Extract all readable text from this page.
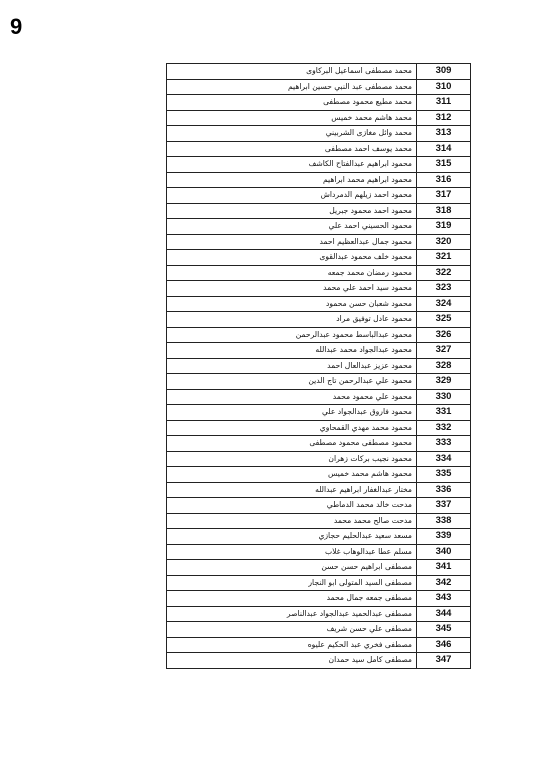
9
محمد مصطفى اسماعيل البركاوى	309
محمد مصطفى عبد النبي حسين ابراهيم	310
محمد مطيع محمود مصطفى	311
محمد هاشم محمد خميس	312
محمد وائل مغازى الشربيني	313
محمد يوسف احمد مصطفى	314
محمود ابراهيم عبدالفتاح الكاشف	315
محمود ابراهيم محمد ابراهيم	316
محمود احمد زيلهم الدمرداش	317
محمود احمد محمود جبريل	318
محمود الحسيني احمد علي	319
محمود جمال عبدالعظيم احمد	320
محمود خلف محمود عبدالقوى	321
محمود رمضان محمد جمعه	322
محمود سيد احمد علي محمد	323
محمود شعبان حسن محمود	324
محمود عادل توفيق مراد	325
محمود عبدالباسط محمود عبدالرحمن	326
محمود عبدالجواد محمد عبدالله	327
محمود عزيز عبدالعال احمد	328
محمود علي عبدالرحمن تاج الدين	329
محمود علي محمود محمد	330
محمود فاروق عبدالجواد علي	331
محمود محمد مهدي القمحاوي	332
محمود مصطفى محمود مصطفى	333
محمود نجيب بركات زهران	334
محمود هاشم محمد خميس	335
مختار عبدالغفار ابراهيم عبدالله	336
مدحت خالد محمد الدماطي	337
مدحت صالح محمد محمد	338
مسعد سعيد عبدالحليم حجازي	339
مسلم عطا عبدالوهاب غلاب	340
مصطفى ابراهيم حسن حسن	341
مصطفى السيد المتولى ابو النجار	342
مصطفى جمعه جمال محمد	343
مصطفى عبدالحميد عبدالجواد عبدالناصر	344
مصطفى علي حسن شريف	345
مصطفى فخري عبد الحكيم عليوه	346
مصطفى كامل سيد حمدان	347
